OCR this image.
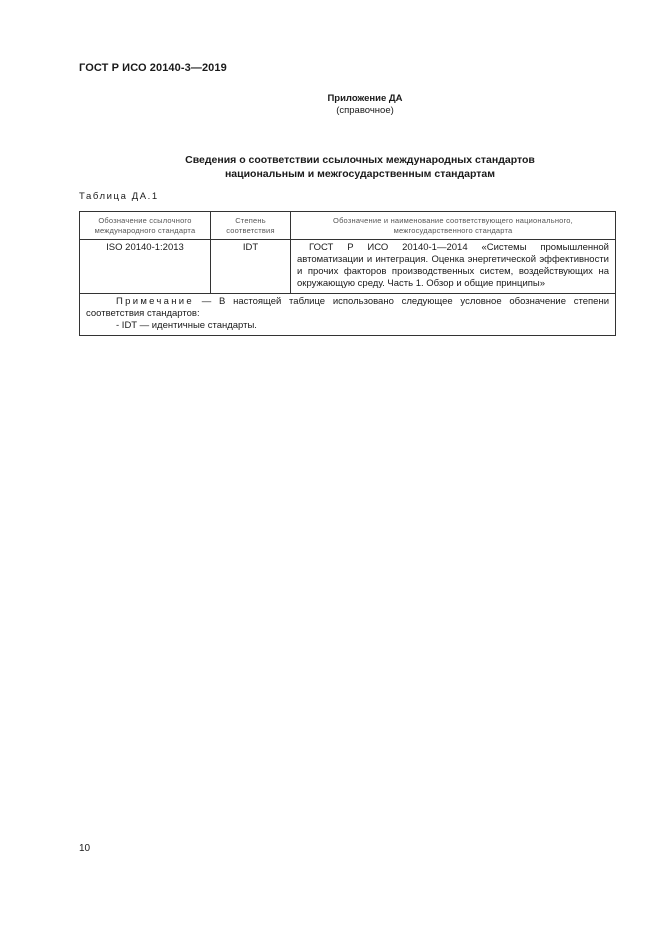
ГОСТ Р ИСО 20140-3—2019
Приложение ДА
(справочное)
Сведения о соответствии ссылочных международных стандартов
национальным и межгосударственным стандартам
Таблица ДА.1
Обозначение ссылочного международного стандарта	Степень соответствия	Обозначение и наименование соответствующего национального, межгосударственного стандарта
ISO 20140-1:2013	IDT	ГОСТ Р ИСО 20140-1—2014 «Системы промышленной автоматизации и интеграция. Оценка энергетической эффективности и прочих факторов производственных систем, воздействующих на окружающую среду. Часть 1. Обзор и общие принципы»

Примечание — В настоящей таблице использовано следующее условное обозначение степени соответствия стандартов:
- IDT — идентичные стандарты.		
10
